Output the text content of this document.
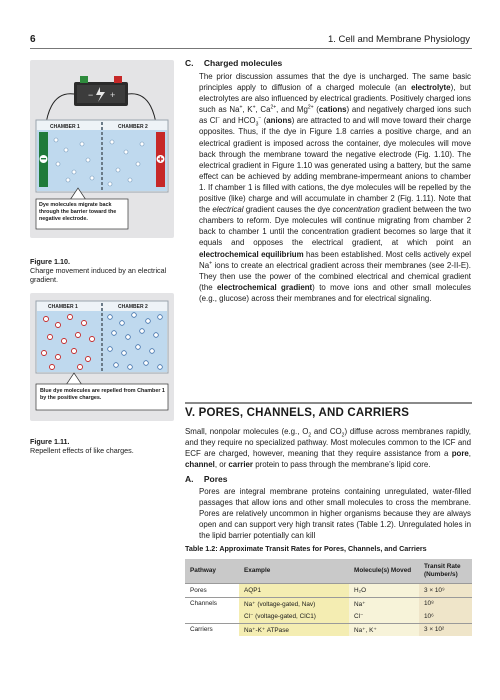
6	1. Cell and Membrane Physiology
− +
CHAMBER 1	CHAMBER 2
Dye molecules migrate back through the barrier toward the negative electrode.
Figure 1.10.
Charge movement induced by an electrical gradient.
CHAMBER 1	CHAMBER 2
Blue dye molecules are repelled from Chamber 1 by the positive charges.
Figure 1.11.
Repellent effects of like charges.
C. Charged molecules
The prior discussion assumes that the dye is uncharged. The same basic principles apply to diffusion of a charged molecule (an electrolyte), but electrolytes are also influenced by electrical gradients. Positively charged ions such as Na+, K+, $Ca^{2+}$, and $Mg^{2+}$ (cations) and negatively charged ions such as Cl− and $HCO_3^-$ (anions) are attracted to and will move toward their charge opposites. Thus, if the dye in Figure 1.8 carries a positive charge, and an electrical gradient is imposed across the container, dye molecules will move back through the membrane toward the negative electrode (Fig. 1.10). The electrical gradient in Figure 1.10 was generated using a battery, but the same effect can be achieved by adding membrane-impermeant anions to chamber 1. If chamber 1 is filled with cations, the dye molecules will be repelled by the positive (like) charge and will accumulate in chamber 2 (Fig. 1.11). Note that the electrical gradient causes the dye concentration gradient between the two chambers to reform. Dye molecules will continue migrating from chamber 2 back to chamber 1 until the concentration gradient becomes so large that it equals and opposes the electrical gradient, at which point an electrochemical equilibrium has been established. Most cells actively expel Na+ ions to create an electrical gradient across their membranes (see 2-II-E). They then use the power of the combined electrical and chemical gradient (the electrochemical gradient) to move ions and other small molecules (e.g., glucose) across their membranes and for electrical signaling.
V. PORES, CHANNELS, AND CARRIERS
Small, nonpolar molecules (e.g., $O_2$ and $CO_2$) diffuse across membranes rapidly, and they require no specialized pathway. Most molecules common to the ICF and ECF are charged, however, meaning that they require assistance from a pore, channel, or carrier protein to pass through the membrane’s lipid core.
A. Pores
Pores are integral membrane proteins containing unregulated, water-filled passages that allow ions and other small molecules to cross the membrane. Pores are relatively uncommon in higher organisms because they are always open and can support very high transit rates (Table 1.2). Unregulated holes in the lipid barrier potentially can kill
Table 1.2: Approximate Transit Rates for Pores, Channels, and Carriers
Pathway	Example	Molecule(s) Moved	Transit Rate (Number/s)
Pores	AQP1	H₂O	3 × 10⁹
Channels	Na⁺ (voltage-gated, Nav)	Na⁺	10⁸
	Cl⁻ (voltage-gated, ClC1)	Cl⁻	10⁶
Carriers	Na⁺-K⁺ ATPase	Na⁺, K⁺	3 × 10²
